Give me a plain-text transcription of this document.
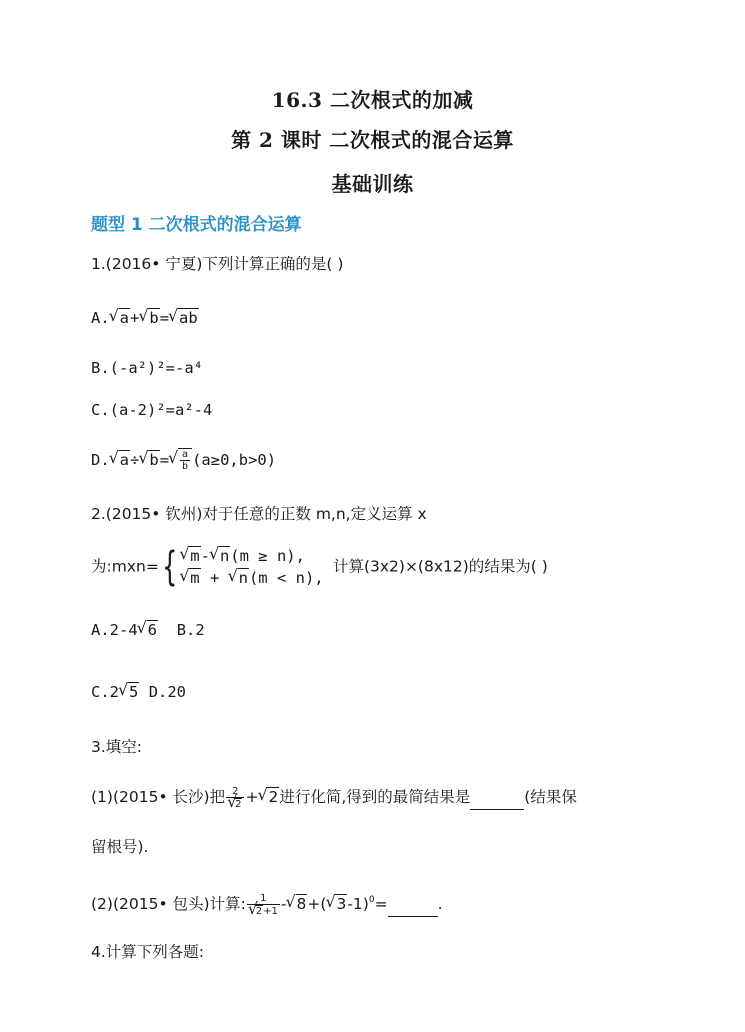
16.3 二次根式的加减
第 2 课时 二次根式的混合运算
基础训练
题型 1 二次根式的混合运算
1.(2016• 宁夏)下列计算正确的是( )
A. √ a+ √ b= √ ab
B.(-a²)²=-a⁴
C.(a-2)²=a²-4
D. √ a÷ √ b= √ $\frac{a}{b} (a\ge 0,b>0)$
2.(2015• 钦州)对于任意的正数 m,n,定义运算 x
为:mxn={ √ m- √ n(m ≥ n),
√ m + √ n(m < n),
计算(3x2)×(8x12)的结果为( )
A.2-4 √ 6 B.2
C.2 √ 5 D.20
3.填空:
(1)(2015• 长沙)把 2
√ 2 + √ 2进行化简,得到的最简结果是	(结果保
留根号).
(2)(2015• 包头)计算: 1
√ 2+1 - √ 8+( √ 3-1)$^0$=	.
4.计算下列各题:
